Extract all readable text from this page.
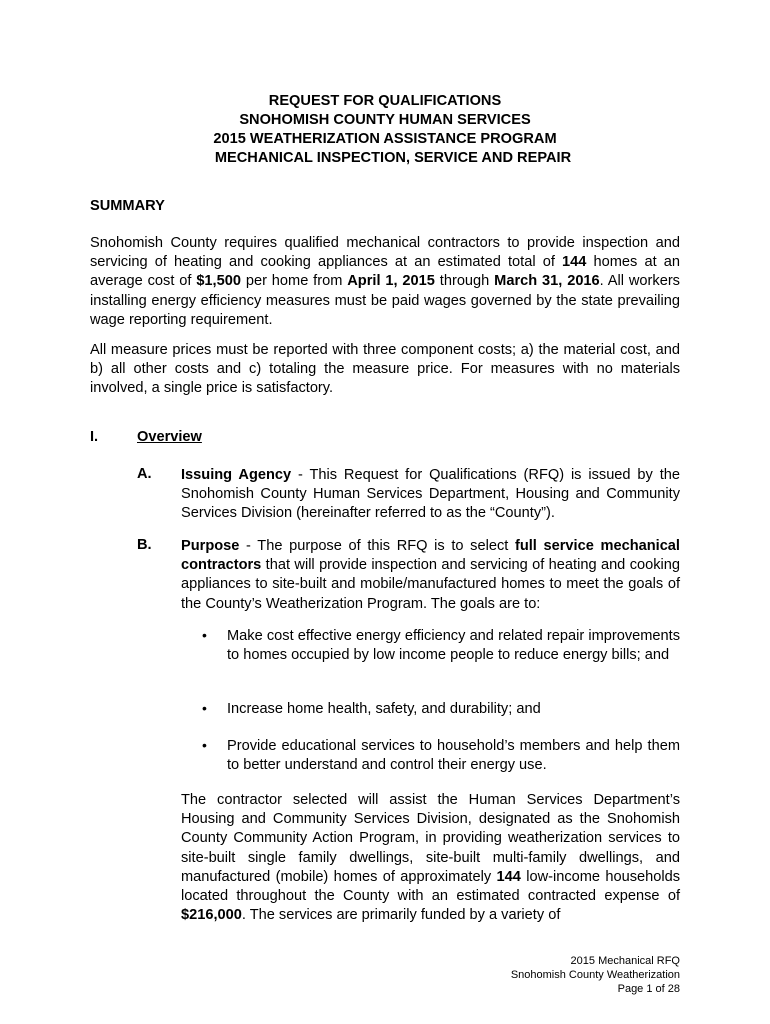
REQUEST FOR QUALIFICATIONS
SNOHOMISH COUNTY HUMAN SERVICES
2015 WEATHERIZATION ASSISTANCE PROGRAM
MECHANICAL INSPECTION, SERVICE AND REPAIR
SUMMARY
Snohomish County requires qualified mechanical contractors to provide inspection and servicing of heating and cooking appliances at an estimated total of 144 homes at an average cost of $1,500 per home from April 1, 2015 through March 31, 2016. All workers installing energy efficiency measures must be paid wages governed by the state prevailing wage reporting requirement.
All measure prices must be reported with three component costs; a) the material cost, and b) all other costs and c) totaling the measure price. For measures with no materials involved, a single price is satisfactory.
I.	Overview
A. Issuing Agency - This Request for Qualifications (RFQ) is issued by the Snohomish County Human Services Department, Housing and Community Services Division (hereinafter referred to as the “County”).
B. Purpose - The purpose of this RFQ is to select full service mechanical contractors that will provide inspection and servicing of heating and cooking appliances to site-built and mobile/manufactured homes to meet the goals of the County’s Weatherization Program. The goals are to:
• Make cost effective energy efficiency and related repair improvements to homes occupied by low income people to reduce energy bills; and
• Increase home health, safety, and durability; and
• Provide educational services to household’s members and help them to better understand and control their energy use.
The contractor selected will assist the Human Services Department’s Housing and Community Services Division, designated as the Snohomish County Community Action Program, in providing weatherization services to site-built single family dwellings, site-built multi-family dwellings, and manufactured (mobile) homes of approximately 144 low-income households located throughout the County with an estimated contracted expense of $216,000. The services are primarily funded by a variety of
2015 Mechanical RFQ
Snohomish County Weatherization
Page 1 of 28
